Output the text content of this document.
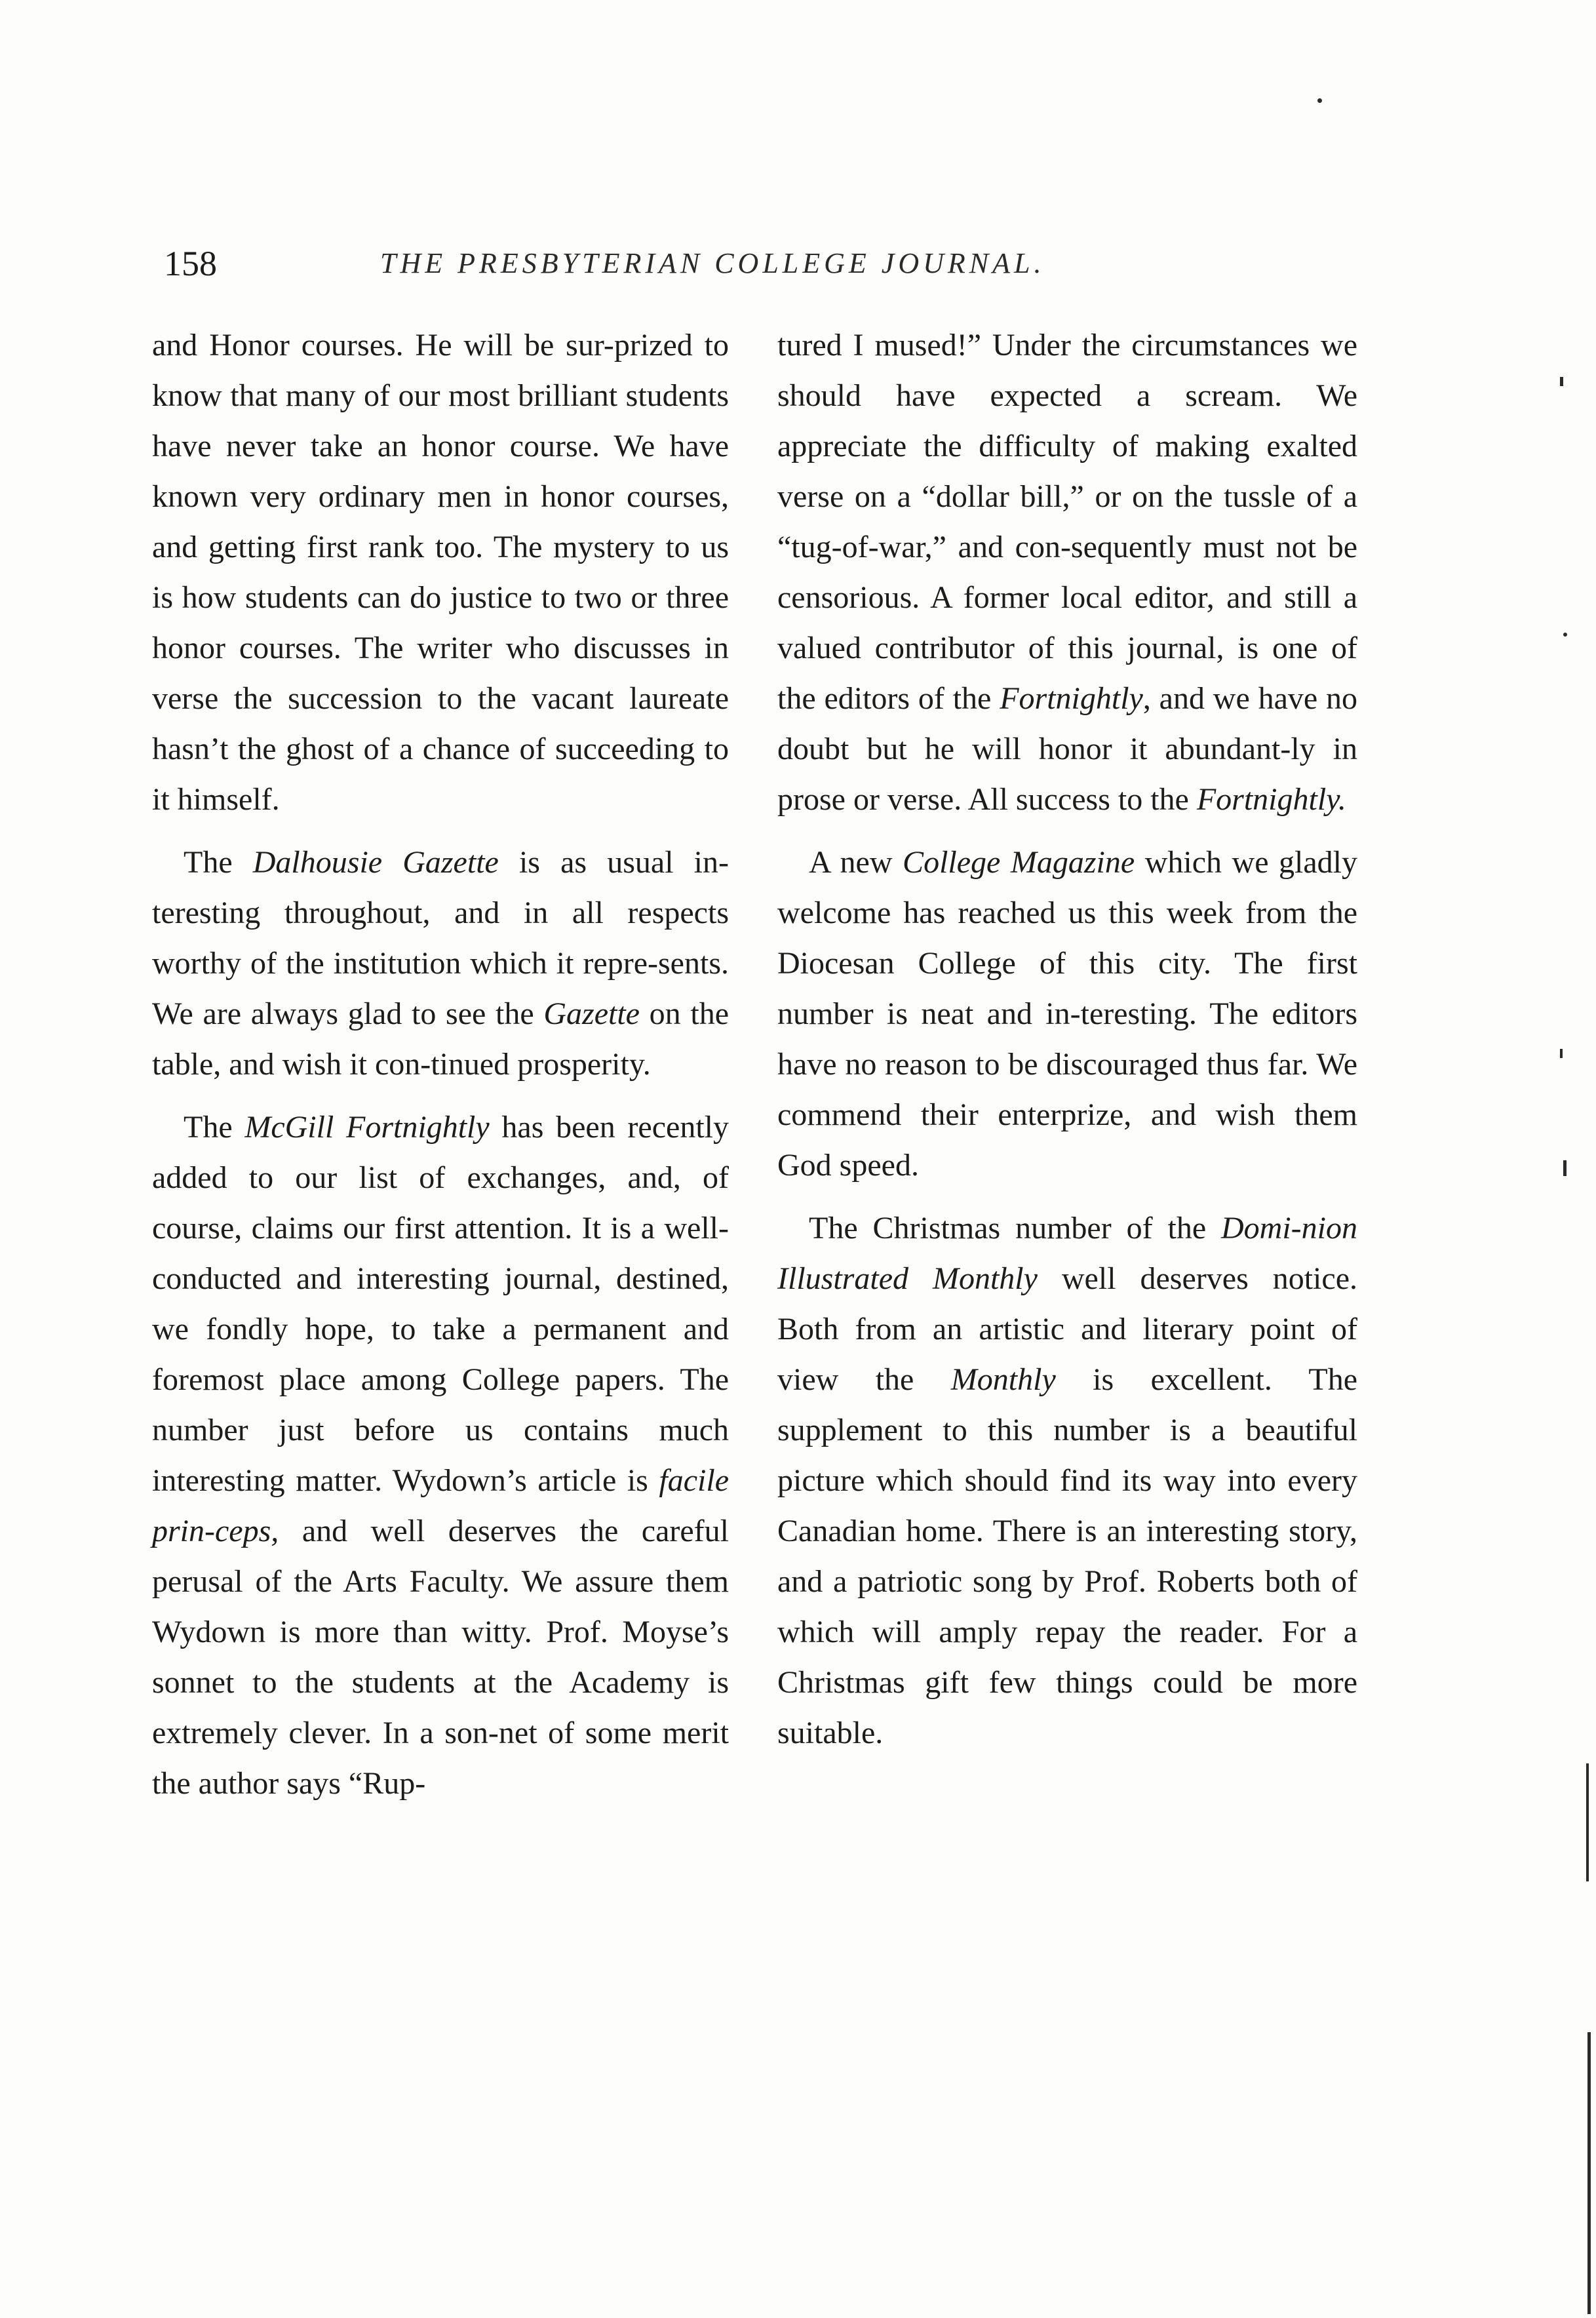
158	THE PRESBYTERIAN COLLEGE JOURNAL.

and Honor courses. He will be sur-prized to know that many of our most brilliant students have never take an honor course. We have known very ordinary men in honor courses, and getting first rank too. The mystery to us is how students can do justice to two or three honor courses. The writer who discusses in verse the succession to the vacant laureate hasn’t the ghost of a chance of succeeding to it himself.

The Dalhousie Gazette is as usual in-teresting throughout, and in all respects worthy of the institution which it repre-sents. We are always glad to see the Gazette on the table, and wish it con-tinued prosperity.

The McGill Fortnightly has been recently added to our list of exchanges, and, of course, claims our first attention. It is a well-conducted and interesting journal, destined, we fondly hope, to take a permanent and foremost place among College papers. The number just before us contains much interesting matter. Wydown’s article is facile prin-ceps, and well deserves the careful perusal of the Arts Faculty. We assure them Wydown is more than witty. Prof. Moyse’s sonnet to the students at the Academy is extremely clever. In a son-net of some merit the author says “Rup-

tured I mused!” Under the circumstances we should have expected a scream. We appreciate the difficulty of making exalted verse on a “dollar bill,” or on the tussle of a “tug-of-war,” and con-sequently must not be censorious. A former local editor, and still a valued contributor of this journal, is one of the editors of the Fortnightly, and we have no doubt but he will honor it abundant-ly in prose or verse. All success to the Fortnightly.

A new College Magazine which we gladly welcome has reached us this week from the Diocesan College of this city. The first number is neat and in-teresting. The editors have no reason to be discouraged thus far. We commend their enterprize, and wish them God speed.

The Christmas number of the Domi-nion Illustrated Monthly well deserves notice. Both from an artistic and literary point of view the Monthly is excellent. The supplement to this number is a beautiful picture which should find its way into every Canadian home. There is an interesting story, and a patriotic song by Prof. Roberts both of which will amply repay the reader. For a Christmas gift few things could be more suitable.
